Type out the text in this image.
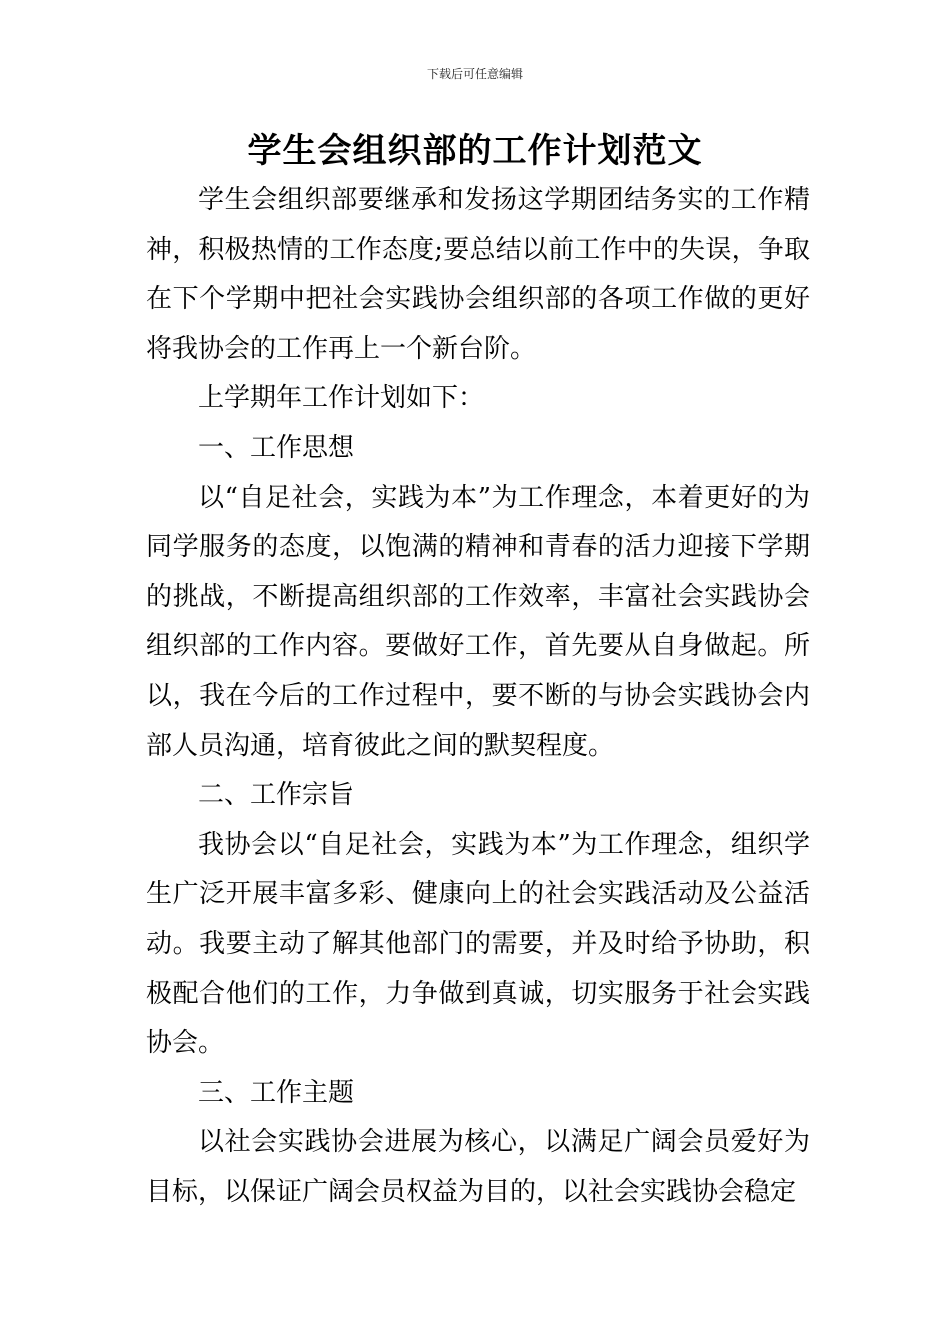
下载后可任意编辑
学生会组织部的工作计划范文

学生会组织部要继承和发扬这学期团结务实的工作精神，积极热情的工作态度;要总结以前工作中的失误，争取在下个学期中把社会实践协会组织部的各项工作做的更好将我协会的工作再上一个新台阶。

上学期年工作计划如下：

一、工作思想

以“自足社会，实践为本”为工作理念，本着更好的为同学服务的态度，以饱满的精神和青春的活力迎接下学期的挑战，不断提高组织部的工作效率，丰富社会实践协会组织部的工作内容。要做好工作，首先要从自身做起。所以，我在今后的工作过程中，要不断的与协会实践协会内部人员沟通，培育彼此之间的默契程度。

二、工作宗旨

我协会以“自足社会，实践为本”为工作理念，组织学生广泛开展丰富多彩、健康向上的社会实践活动及公益活动。我要主动了解其他部门的需要，并及时给予协助，积极配合他们的工作，力争做到真诚，切实服务于社会实践协会。

三、工作主题

以社会实践协会进展为核心，以满足广阔会员爱好为目标，以保证广阔会员权益为目的，以社会实践协会稳定
